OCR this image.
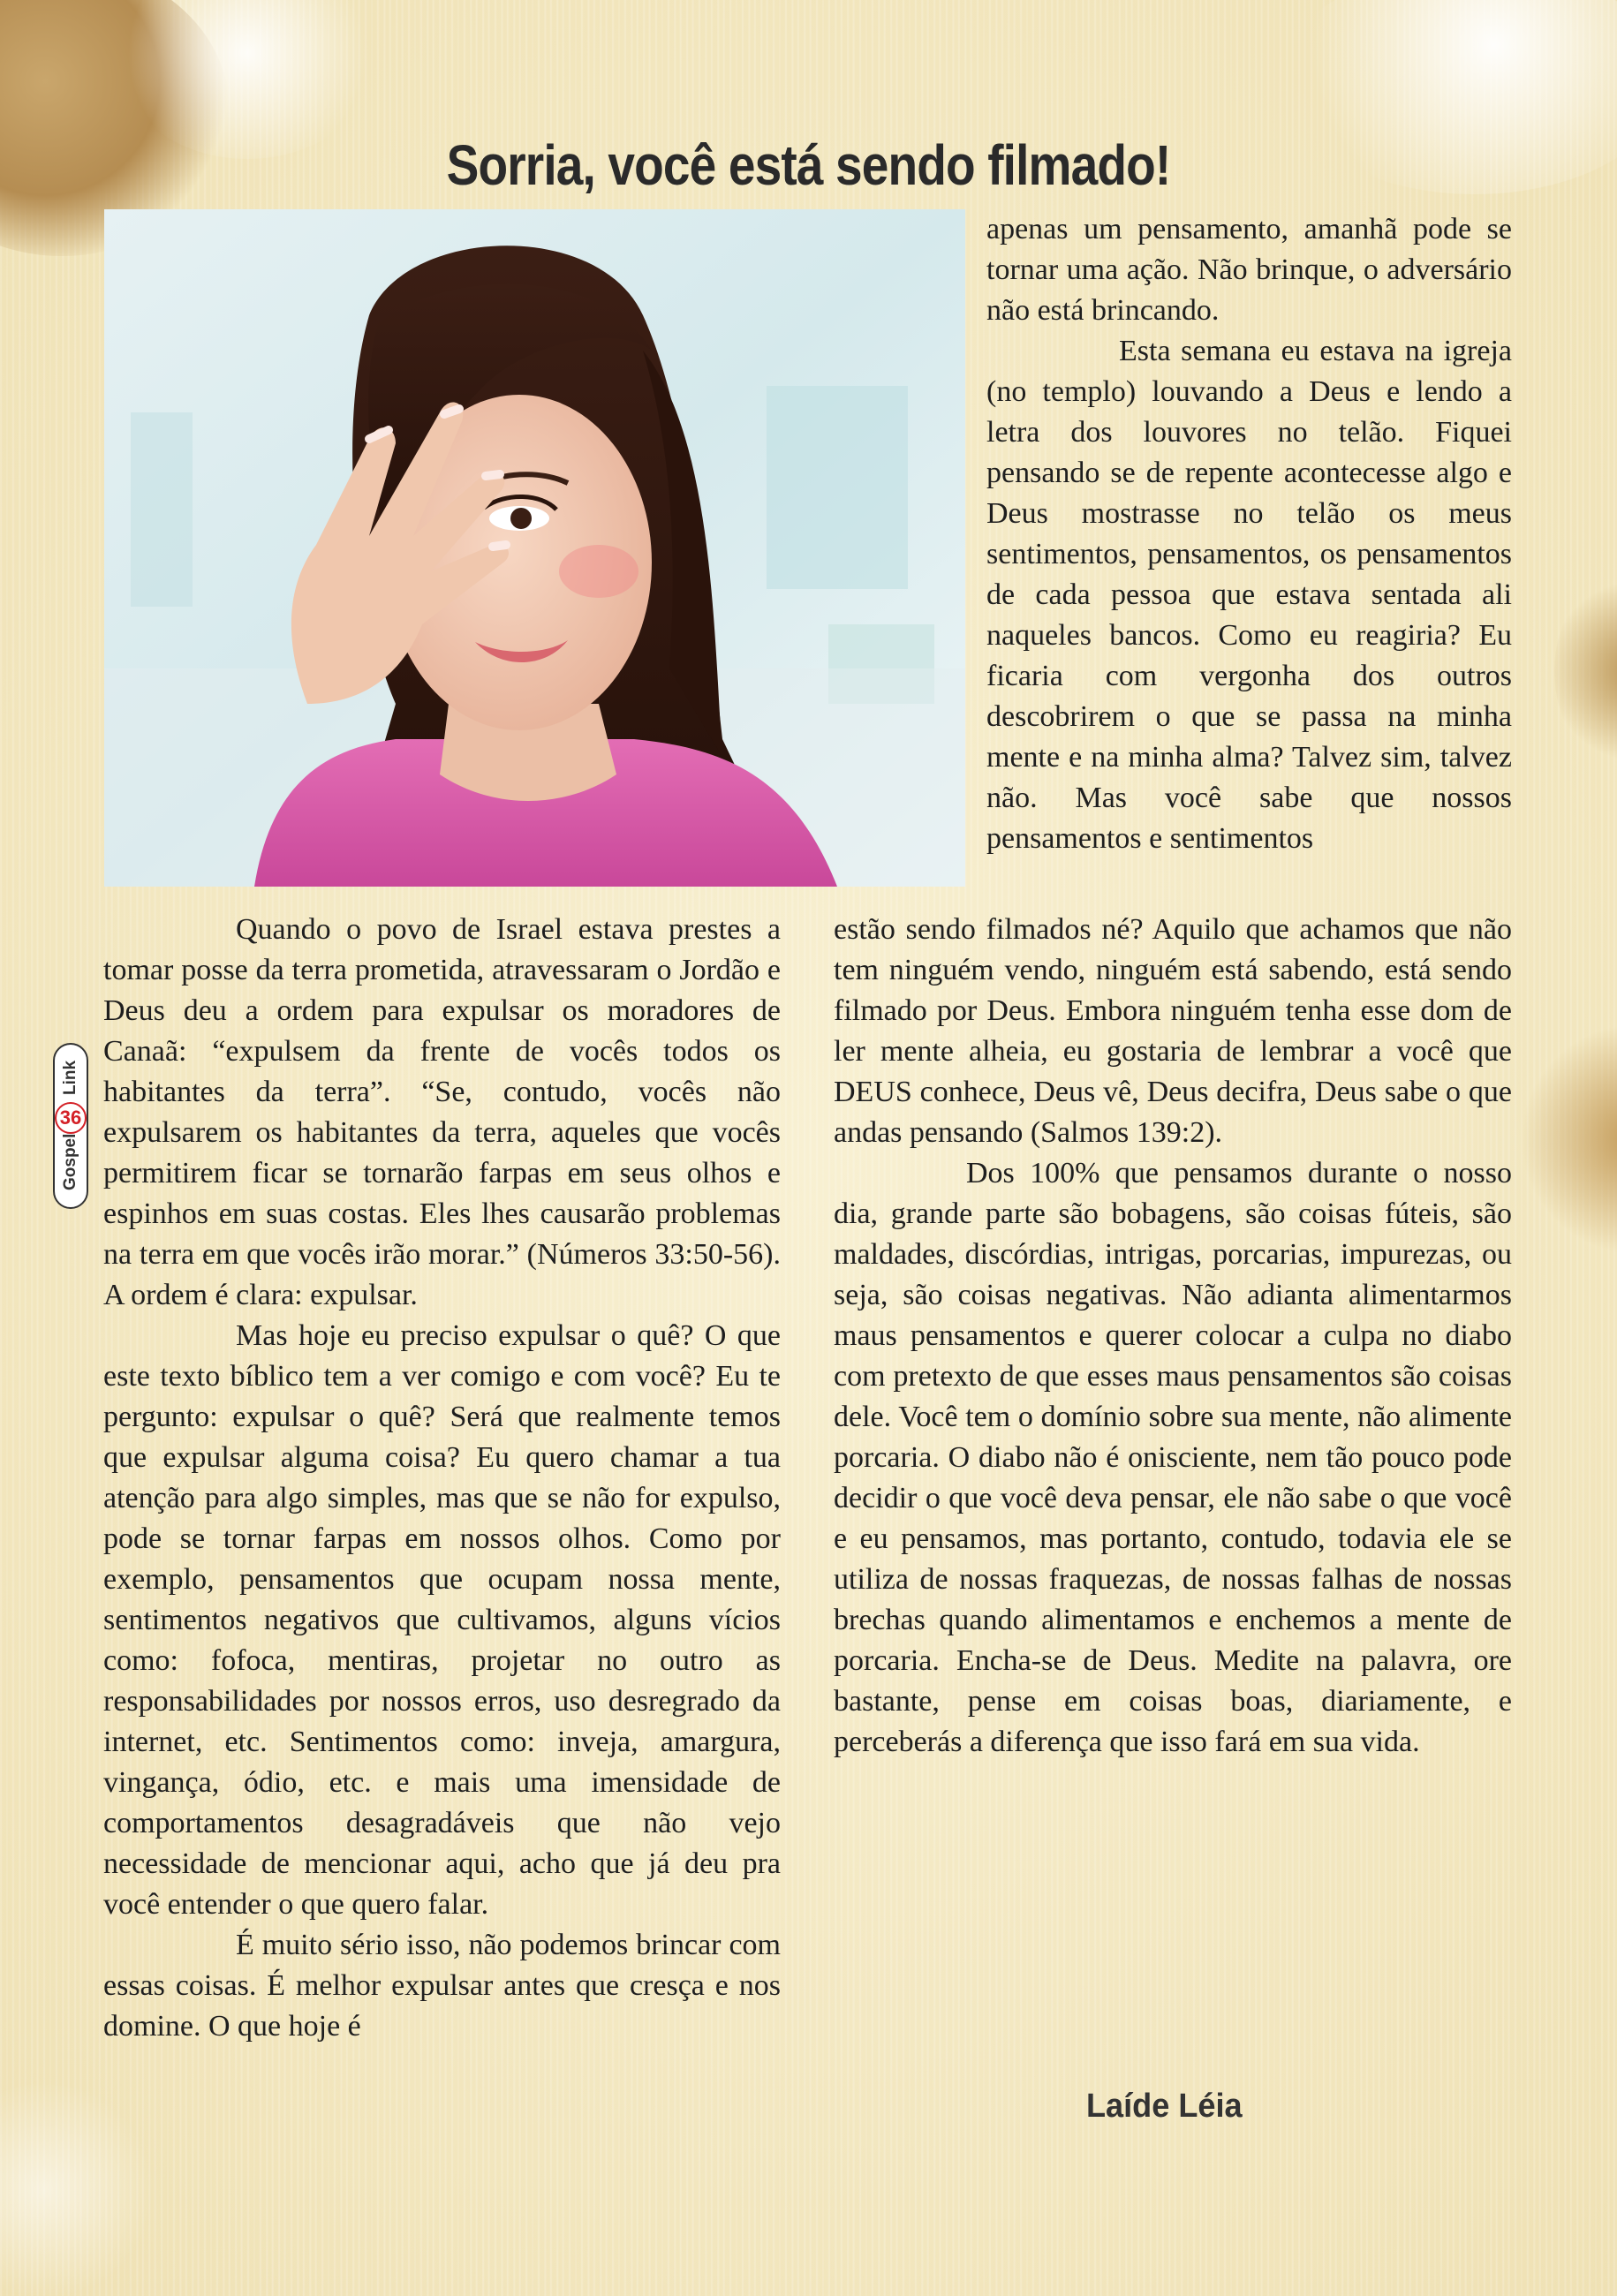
Sorria, você está sendo filmado!

apenas um pensamento, amanhã pode se tornar uma ação. Não brinque, o adversário não está brincando.

Esta semana eu estava na igreja (no templo) louvando a Deus e lendo a letra dos louvores no telão. Fiquei pensando se de repente acontecesse algo e Deus mostrasse no telão os meus sentimentos, pensamentos, os pensamentos de cada pessoa que estava sentada ali naqueles bancos. Como eu reagiria? Eu ficaria com vergonha dos outros descobrirem o que se passa na minha mente e na minha alma? Talvez sim, talvez não. Mas você sabe que nossos pensamentos e sentimentos

estão sendo filmados né? Aquilo que achamos que não tem ninguém vendo, ninguém está sabendo, está sendo filmado por Deus. Embora ninguém tenha esse dom de ler mente alheia, eu gostaria de lembrar a você que DEUS conhece, Deus vê, Deus decifra, Deus sabe o que andas pensando (Salmos 139:2).

Dos 100% que pensamos durante o nosso dia, grande parte são bobagens, são coisas fúteis, são maldades, discórdias, intrigas, porcarias, impurezas, ou seja, são coisas negativas. Não adianta alimentarmos maus pensamentos e querer colocar a culpa no diabo com pretexto de que esses maus pensamentos são coisas dele. Você tem o domínio sobre sua mente, não alimente porcaria. O diabo não é onisciente, nem tão pouco pode decidir o que você deva pensar, ele não sabe o que você e eu pensamos, mas portanto, contudo, todavia ele se utiliza de nossas fraquezas, de nossas falhas de nossas brechas quando alimentamos e enchemos a mente de porcaria. Encha-se de Deus. Medite na palavra, ore bastante, pense em coisas boas, diariamente, e perceberás a diferença que isso fará em sua vida.

Quando o povo de Israel estava prestes a tomar posse da terra prometida, atravessaram o Jordão e Deus deu a ordem para expulsar os moradores de Canaã: “expulsem da frente de vocês todos os habitantes da terra”. “Se, contudo, vocês não expulsarem os habitantes da terra, aqueles que vocês permitirem ficar se tornarão farpas em seus olhos e espinhos em suas costas. Eles lhes causarão problemas na terra em que vocês irão morar.” (Números 33:50-56). A ordem é clara: expulsar.

Mas hoje eu preciso expulsar o quê? O que este texto bíblico tem a ver comigo e com você? Eu te pergunto: expulsar o quê? Será que realmente temos que expulsar alguma coisa? Eu quero chamar a tua atenção para algo simples, mas que se não for expulso, pode se tornar farpas em nossos olhos. Como por exemplo, pensamentos que ocupam nossa mente, sentimentos negativos que cultivamos, alguns vícios como: fofoca, mentiras, projetar no outro as responsabilidades por nossos erros, uso desregrado da internet, etc. Sentimentos como: inveja, amargura, vingança, ódio, etc. e mais uma imensidade de comportamentos desagradáveis que não vejo necessidade de mencionar aqui, acho que já deu pra você entender o que quero falar.

É muito sério isso, não podemos brincar com essas coisas. É melhor expulsar antes que cresça e nos domine. O que hoje é

Laíde Léia
Gospel
36
Link
